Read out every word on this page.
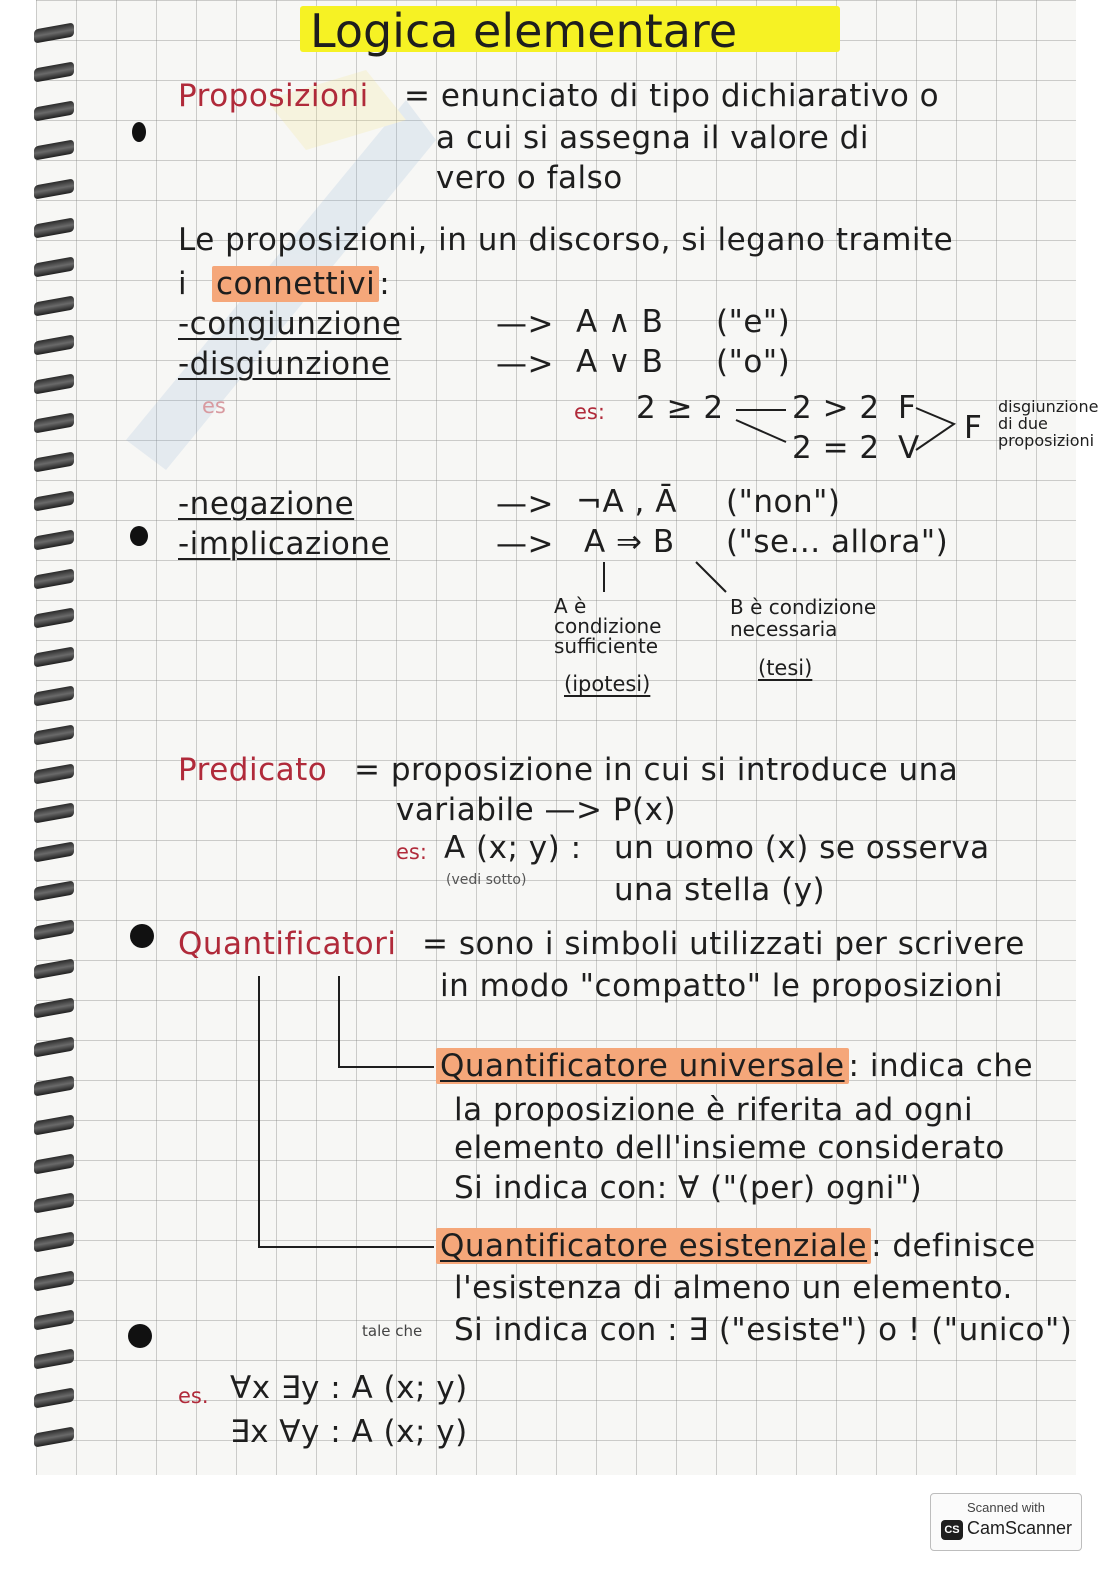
Logica elementare
Proposizioni = enunciato di tipo dichiarativo o
a cui si assegna il valore di
vero o falso
Le proposizioni, in un discorso, si legano tramite
i connettivi :
-congiunzione	—> A ∧ B ("e")
-disgiunzione	—> A ∨ B ("o")
es	es: 2 ≥ 2 2 > 2 F
2 = 2 V
F
disgiunzione di due proposizioni
-negazione	—> ¬A , Ā ("non")
-implicazione	—> A ⇒ B ("se... allora")
A è condizione sufficiente
(ipotesi)
B è condizione necessaria
(tesi)
Predicato = proposizione in cui si introduce una
variabile —> P(x)
es: A (x; y) : un uomo (x) se osserva
una stella (y)
(vedi sotto)
Quantificatori = sono i simboli utilizzati per scrivere
in modo "compatto" le proposizioni
Quantificatore universale : indica che
la proposizione è riferita ad ogni
elemento dell'insieme considerato
Si indica con: ∀ ("(per) ogni")
Quantificatore esistenziale : definisce
l'esistenza di almeno un elemento.
Si indica con : ∃ ("esiste") o ! ("unico")
tale che
es. ∀x ∃y : A (x; y)
∃x ∀y : A (x; y)
Scanned with
CS CamScanner
